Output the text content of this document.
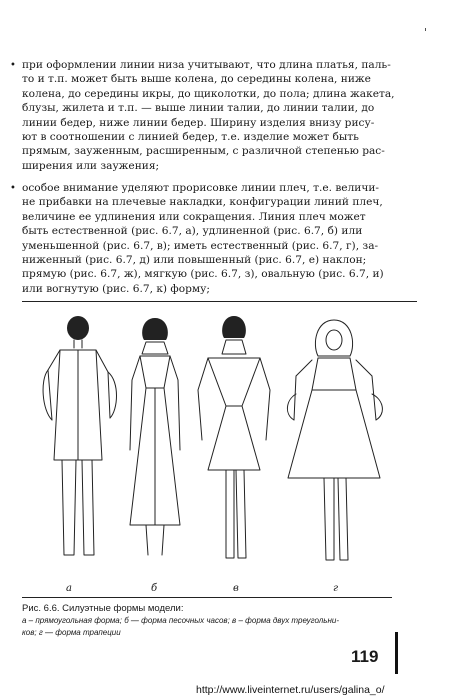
'
• при оформлении линии низа учитывают, что длина платья, паль-
то и т.п. может быть выше колена, до середины колена, ниже
колена, до середины икры, до щиколотки, до пола; длина жакета,
блузы, жилета и т.п. — выше линии талии, до линии талии, до
линии бедер, ниже линии бедер. Ширину изделия внизу рису-
ют в соотношении с линией бедер, т.е. изделие может быть
прямым, зауженным, расширенным, с различной степенью рас-
ширения или заужения;
• особое внимание уделяют прорисовке линии плеч, т.е. величи-
не прибавки на плечевые накладки, конфигурации линий плеч,
величине ее удлинения или сокращения. Линия плеч может
быть естественной (рис. 6.7, а), удлиненной (рис. 6.7, б) или
уменьшенной (рис. 6.7, в); иметь естественный (рис. 6.7, г), за-
ниженный (рис. 6.7, д) или повышенный (рис. 6.7, е) наклон;
прямую (рис. 6.7, ж), мягкую (рис. 6.7, з), овальную (рис. 6.7, и)
или вогнутую (рис. 6.7, к) форму;
а	б	в	г
Рис. 6.6. Силуэтные формы модели:
а – прямоугольная форма; б — форма песочных часов; в – форма двух треугольни-
ков; г — форма трапеции
119
http://www.liveinternet.ru/users/galina_o/
